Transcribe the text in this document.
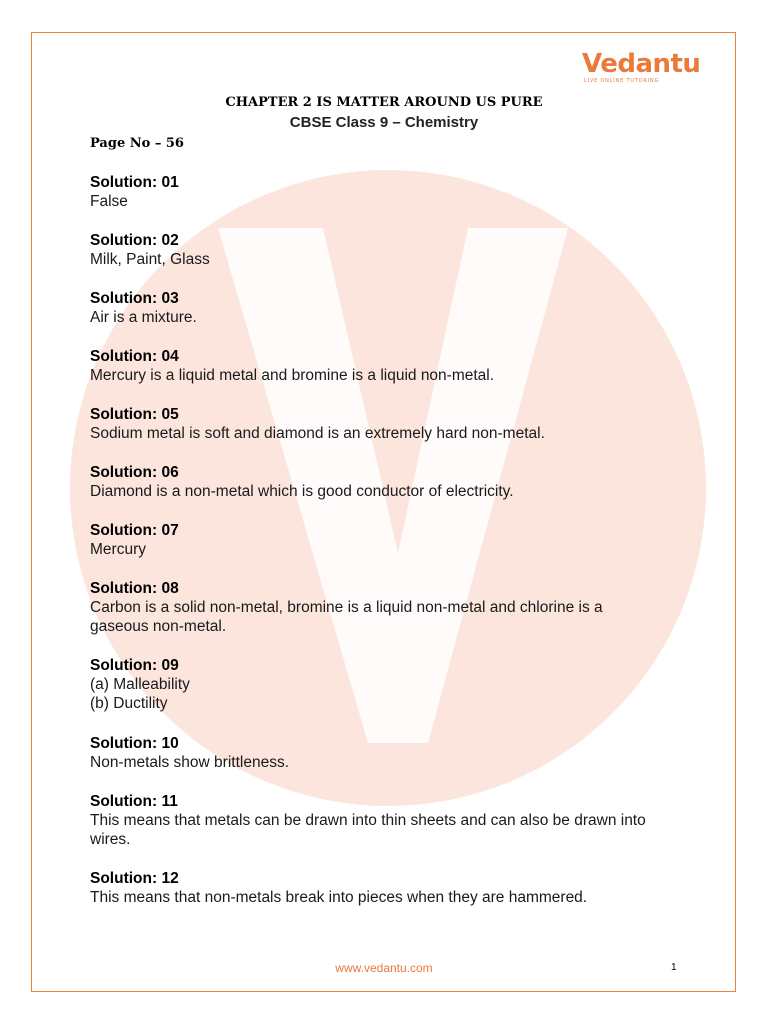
Vedantu
LIVE ONLINE TUTORING
CHAPTER 2 IS MATTER AROUND US PURE
CBSE Class 9 – Chemistry
Page No – 56
Solution: 01
False
Solution: 02
Milk, Paint, Glass
Solution: 03
Air is a mixture.
Solution: 04
Mercury is a liquid metal and bromine is a liquid non-metal.
Solution: 05
Sodium metal is soft and diamond is an extremely hard non-metal.
Solution: 06
Diamond is a non-metal which is good conductor of electricity.
Solution: 07
Mercury
Solution: 08
Carbon is a solid non-metal, bromine is a liquid non-metal and chlorine is a
gaseous non-metal.
Solution: 09
(a) Malleability
(b) Ductility
Solution: 10
Non-metals show brittleness.
Solution: 11
This means that metals can be drawn into thin sheets and can also be drawn into
wires.
Solution: 12
This means that non-metals break into pieces when they are hammered.
www.vedantu.com	1
